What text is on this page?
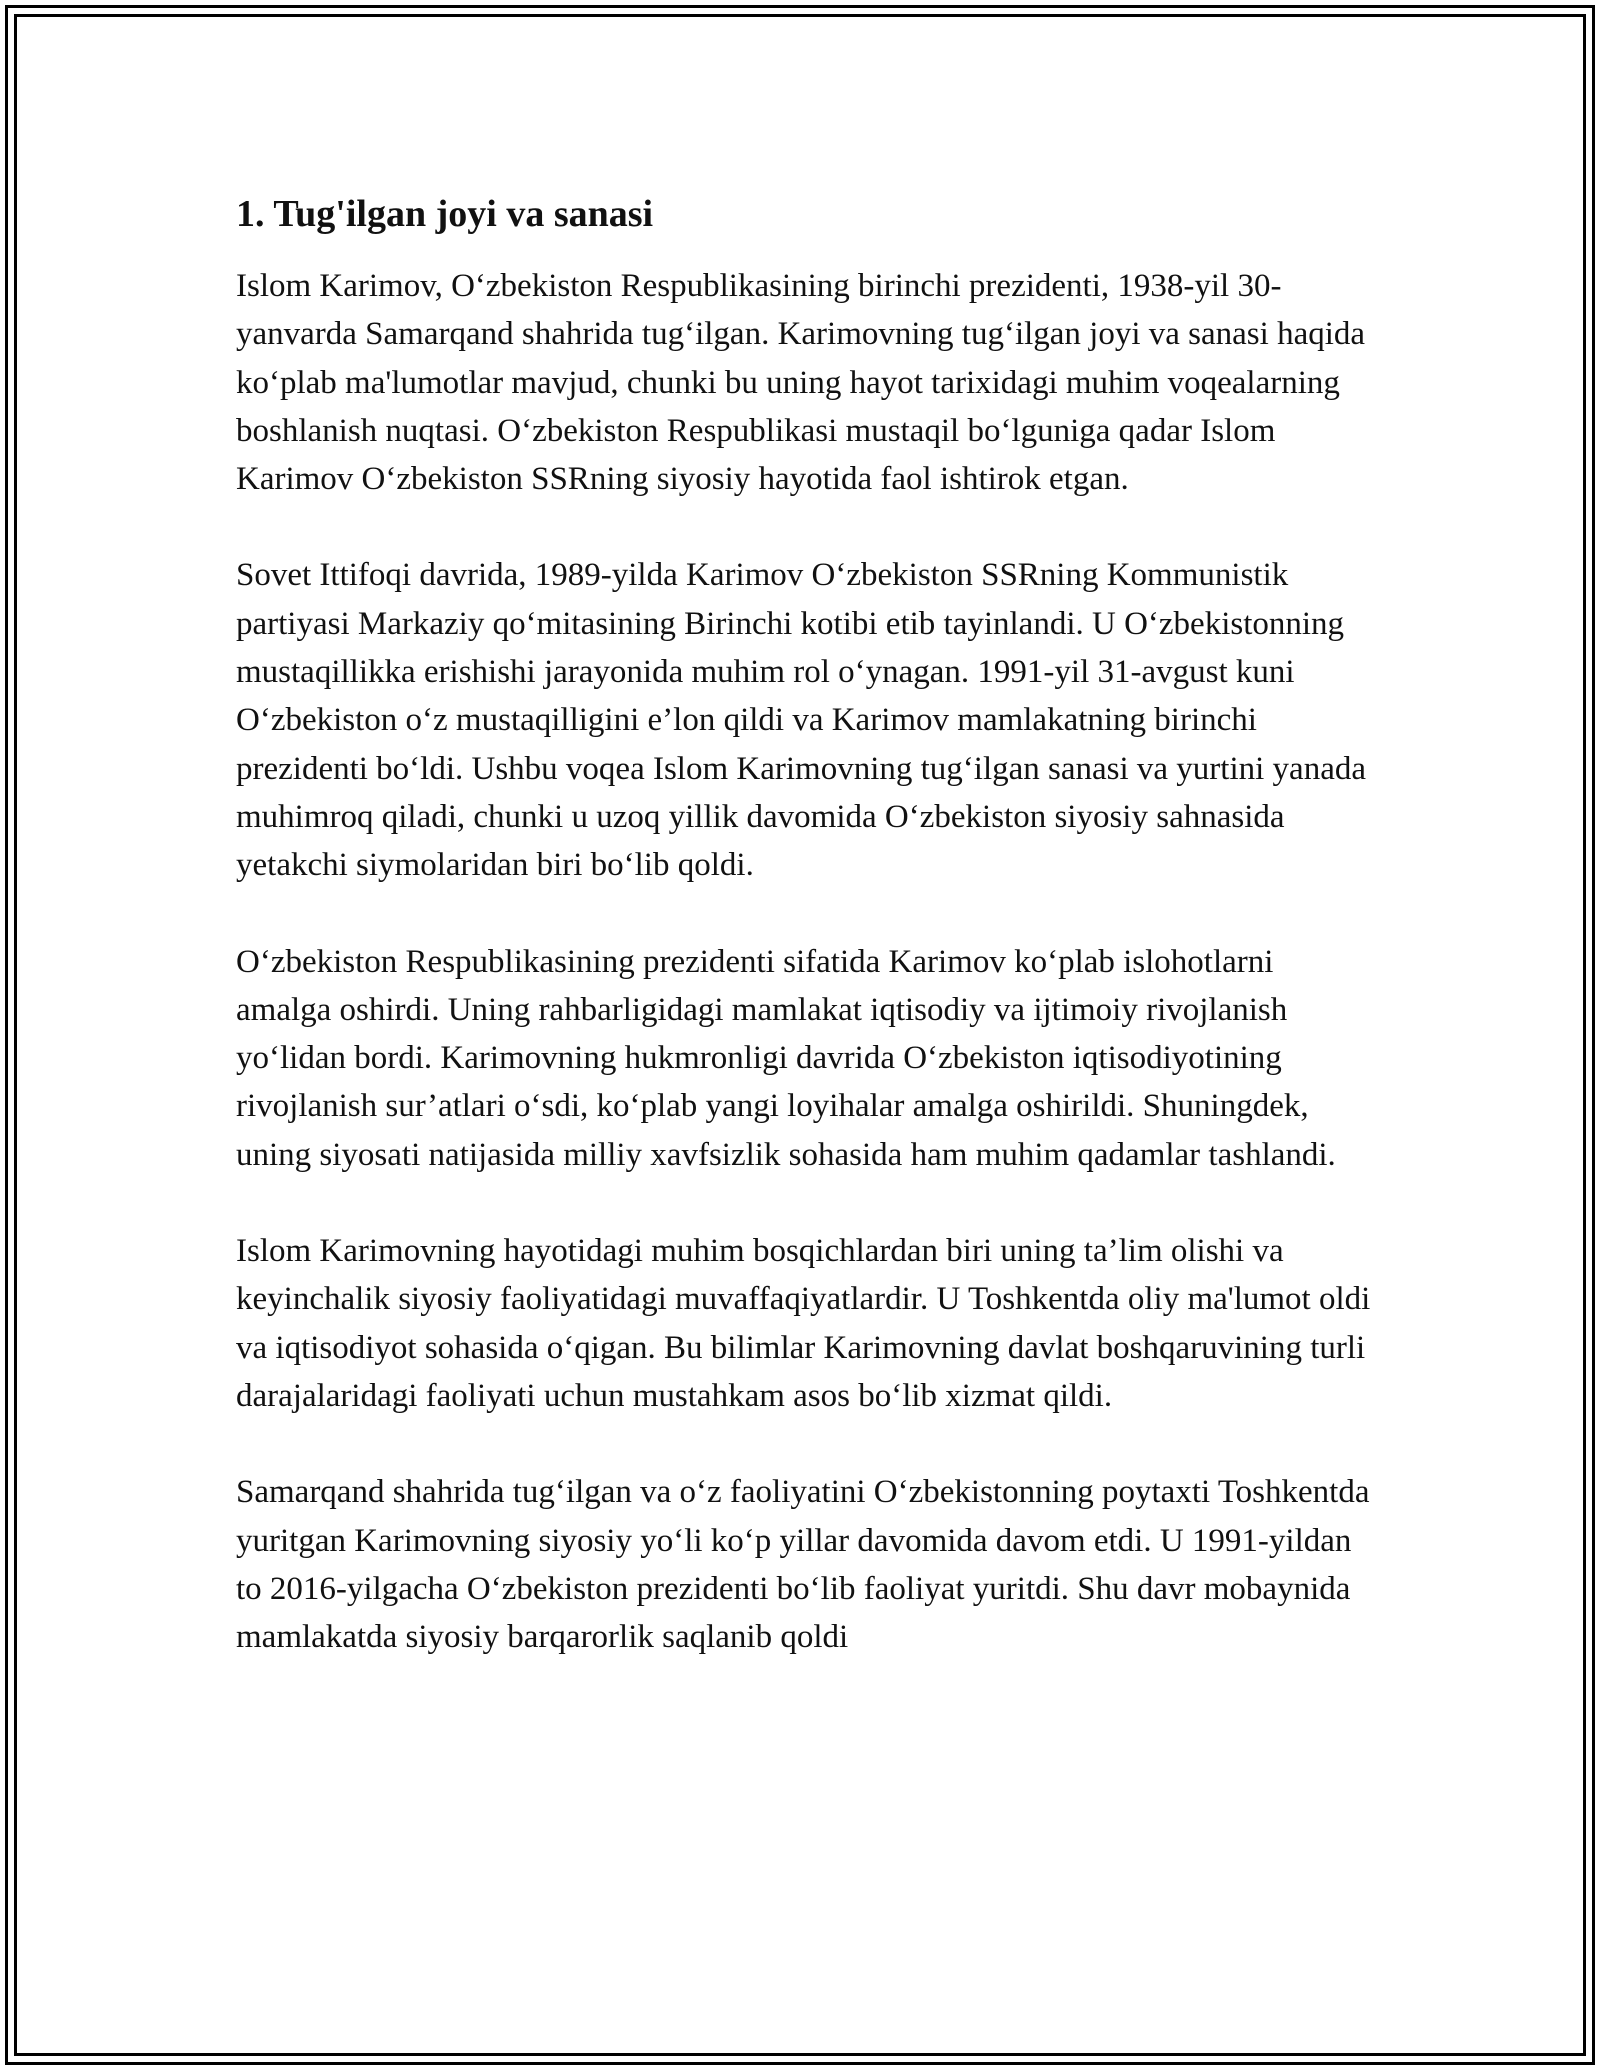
1. Tug'ilgan joyi va sanasi

Islom Karimov, O‘zbekiston Respublikasining birinchi prezidenti, 1938-yil 30-yanvarda Samarqand shahrida tug‘ilgan. Karimovning tug‘ilgan joyi va sanasi haqida ko‘plab ma'lumotlar mavjud, chunki bu uning hayot tarixidagi muhim voqealarning boshlanish nuqtasi. O‘zbekiston Respublikasi mustaqil bo‘lguniga qadar Islom Karimov O‘zbekiston SSRning siyosiy hayotida faol ishtirok etgan.

Sovet Ittifoqi davrida, 1989-yilda Karimov O‘zbekiston SSRning Kommunistik partiyasi Markaziy qo‘mitasining Birinchi kotibi etib tayinlandi. U O‘zbekistonning mustaqillikka erishishi jarayonida muhim rol o‘ynagan. 1991-yil 31-avgust kuni O‘zbekiston o‘z mustaqilligini e’lon qildi va Karimov mamlakatning birinchi prezidenti bo‘ldi. Ushbu voqea Islom Karimovning tug‘ilgan sanasi va yurtini yanada muhimroq qiladi, chunki u uzoq yillik davomida O‘zbekiston siyosiy sahnasida yetakchi siymolaridan biri bo‘lib qoldi.

O‘zbekiston Respublikasining prezidenti sifatida Karimov ko‘plab islohotlarni amalga oshirdi. Uning rahbarligidagi mamlakat iqtisodiy va ijtimoiy rivojlanish yo‘lidan bordi. Karimovning hukmronligi davrida O‘zbekiston iqtisodiyotining rivojlanish sur’atlari o‘sdi, ko‘plab yangi loyihalar amalga oshirildi. Shuningdek, uning siyosati natijasida milliy xavfsizlik sohasida ham muhim qadamlar tashlandi.

Islom Karimovning hayotidagi muhim bosqichlardan biri uning ta’lim olishi va keyinchalik siyosiy faoliyatidagi muvaffaqiyatlardir. U Toshkentda oliy ma'lumot oldi va iqtisodiyot sohasida o‘qigan. Bu bilimlar Karimovning davlat boshqaruvining turli darajalaridagi faoliyati uchun mustahkam asos bo‘lib xizmat qildi.

Samarqand shahrida tug‘ilgan va o‘z faoliyatini O‘zbekistonning poytaxti Toshkentda yuritgan Karimovning siyosiy yo‘li ko‘p yillar davomida davom etdi. U 1991-yildan to 2016-yilgacha O‘zbekiston prezidenti bo‘lib faoliyat yuritdi. Shu davr mobaynida mamlakatda siyosiy barqarorlik saqlanib qoldi
